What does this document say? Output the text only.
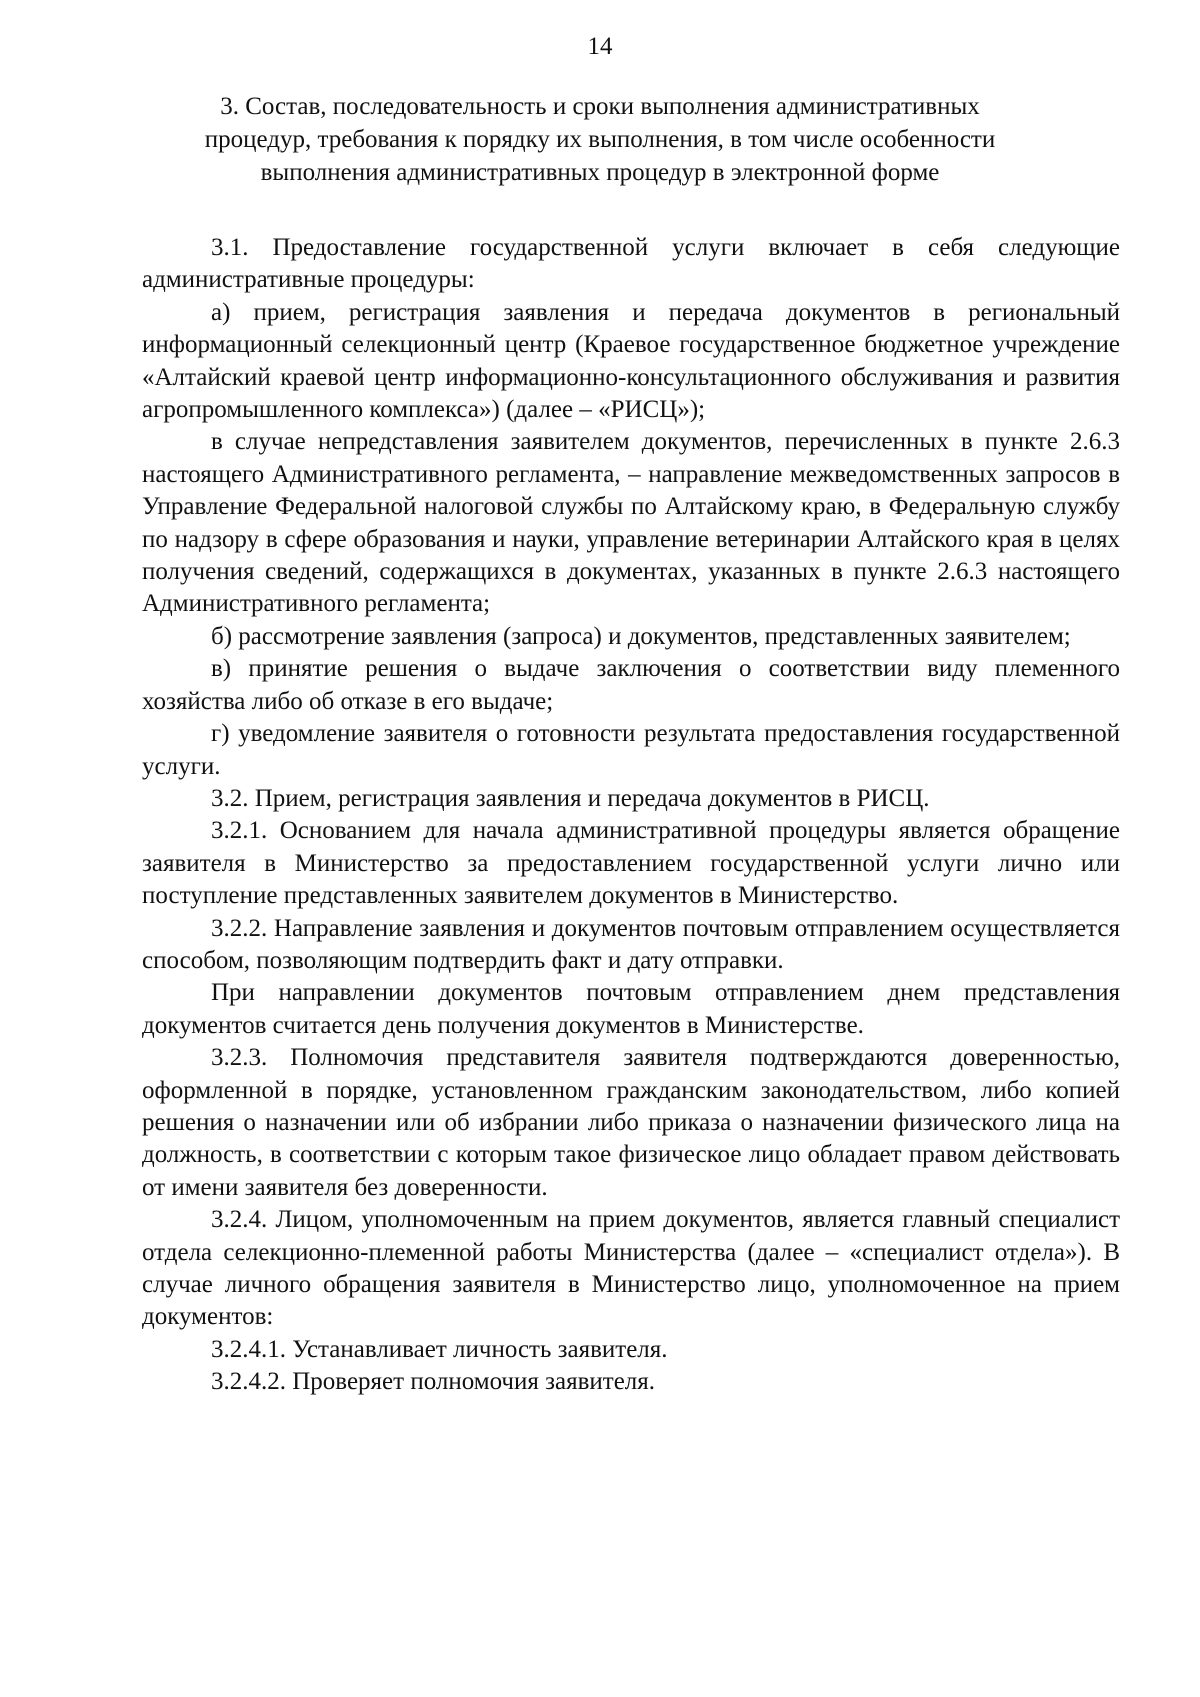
14
3. Состав, последовательность и сроки выполнения административных
процедур, требования к порядку их выполнения, в том числе особенности
выполнения административных процедур в электронной форме

3.1. Предоставление государственной услуги включает в себя следующие административные процедуры:

а) прием, регистрация заявления и передача документов в региональный информационный селекционный центр (Краевое государственное бюджетное учреждение «Алтайский краевой центр информационно-консультационного обслуживания и развития агропромышленного комплекса») (далее – «РИСЦ»);

в случае непредставления заявителем документов, перечисленных в пункте 2.6.3 настоящего Административного регламента, – направление межведомственных запросов в Управление Федеральной налоговой службы по Алтайскому краю, в Федеральную службу по надзору в сфере образования и науки, управление ветеринарии Алтайского края в целях получения сведений, содержащихся в документах, указанных в пункте 2.6.3 настоящего Административного регламента;

б) рассмотрение заявления (запроса) и документов, представленных заявителем;

в) принятие решения о выдаче заключения о соответствии виду племенного хозяйства либо об отказе в его выдаче;

г) уведомление заявителя о готовности результата предоставления государственной услуги.

3.2. Прием, регистрация заявления и передача документов в РИСЦ.

3.2.1. Основанием для начала административной процедуры является обращение заявителя в Министерство за предоставлением государственной услуги лично или поступление представленных заявителем документов в Министерство.

3.2.2. Направление заявления и документов почтовым отправлением осуществляется способом, позволяющим подтвердить факт и дату отправки.

При направлении документов почтовым отправлением днем представления документов считается день получения документов в Министерстве.

3.2.3. Полномочия представителя заявителя подтверждаются доверенностью, оформленной в порядке, установленном гражданским законодательством, либо копией решения о назначении или об избрании либо приказа о назначении физического лица на должность, в соответствии с которым такое физическое лицо обладает правом действовать от имени заявителя без доверенности.

3.2.4. Лицом, уполномоченным на прием документов, является главный специалист отдела селекционно-племенной работы Министерства (далее – «специалист отдела»). В случае личного обращения заявителя в Министерство лицо, уполномоченное на прием документов:

3.2.4.1. Устанавливает личность заявителя.

3.2.4.2. Проверяет полномочия заявителя.
